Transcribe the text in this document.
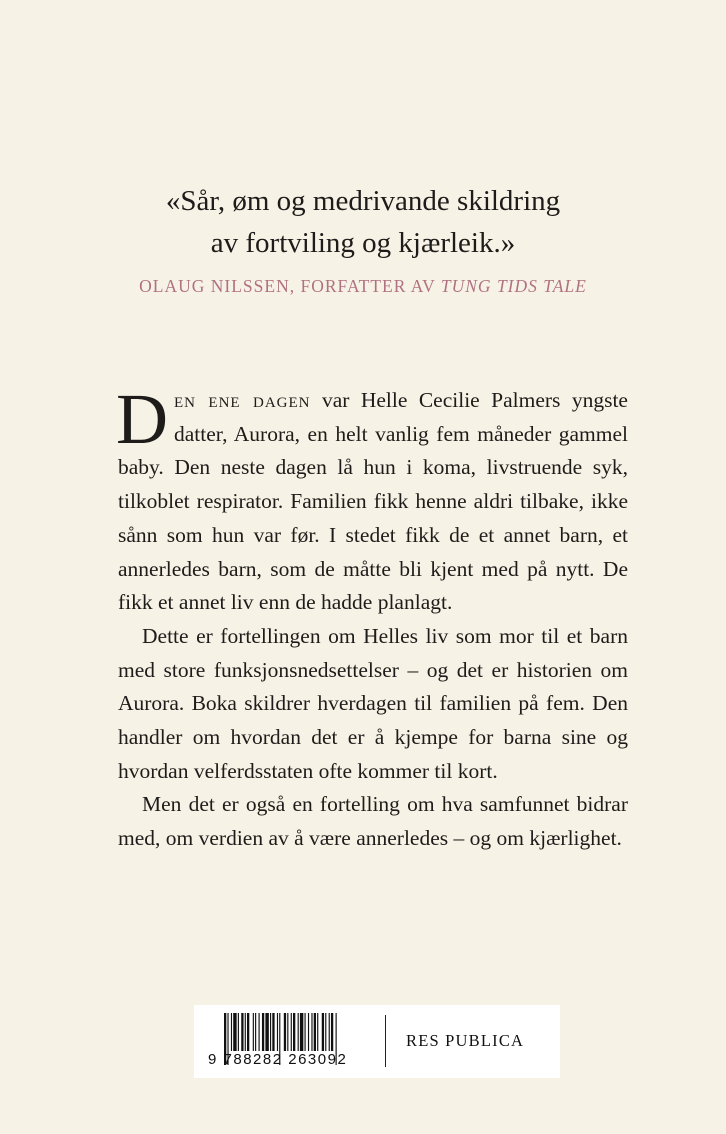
«Sår, øm og medrivande skildring
av fortviling og kjærleik.»
OLAUG NILSSEN, FORFATTER AV TUNG TIDS TALE

Den ene dagen var Helle Cecilie Palmers yngste datter, Aurora, en helt vanlig fem måneder gammel baby. Den neste dagen lå hun i koma, livstruende syk, tilkoblet respirator. Familien fikk henne aldri tilbake, ikke sånn som hun var før. I stedet fikk de et annet barn, et annerledes barn, som de måtte bli kjent med på nytt. De fikk et annet liv enn de hadde planlagt.

Dette er fortellingen om Helles liv som mor til et barn med store funksjonsnedsettelser – og det er historien om Aurora. Boka skildrer hverdagen til familien på fem. Den handler om hvordan det er å kjempe for barna sine og hvordan velferdsstaten ofte kommer til kort.

Men det er også en fortelling om hva samfunnet bidrar med, om verdien av å være annerledes – og om kjærlighet.

9 788282 263092
RES PUBLICA
